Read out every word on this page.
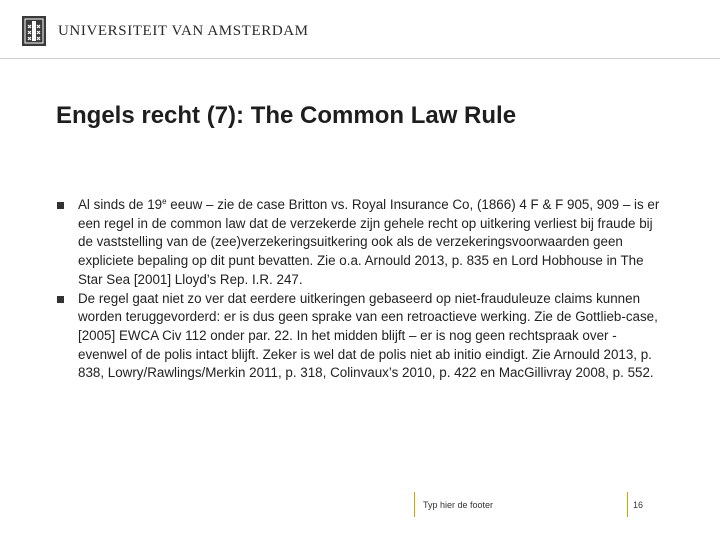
UNIVERSITEIT VAN AMSTERDAM
Engels recht (7): The Common Law Rule
Al sinds de 19e eeuw – zie de case Britton vs. Royal Insurance Co, (1866) 4 F & F 905, 909 – is er een regel in de common law dat de verzekerde zijn gehele recht op uitkering verliest bij fraude bij de vaststelling van de (zee)verzekeringsuitkering ook als de verzekeringsvoorwaarden geen expliciete bepaling op dit punt bevatten. Zie o.a. Arnould 2013, p. 835 en Lord Hobhouse in The Star Sea [2001] Lloyd’s Rep. I.R. 247.
De regel gaat niet zo ver dat eerdere uitkeringen gebaseerd op niet-frauduleuze claims kunnen worden teruggevorderd: er is dus geen sprake van een retroactieve werking. Zie de Gottlieb-case, [2005] EWCA Civ 112 onder par. 22. In het midden blijft – er is nog geen rechtspraak over - evenwel of de polis intact blijft. Zeker is wel dat de polis niet ab initio eindigt. Zie Arnould 2013, p. 838, Lowry/Rawlings/Merkin 2011, p. 318, Colinvaux’s 2010, p. 422 en MacGillivray 2008, p. 552.
Typ hier de footer	16
